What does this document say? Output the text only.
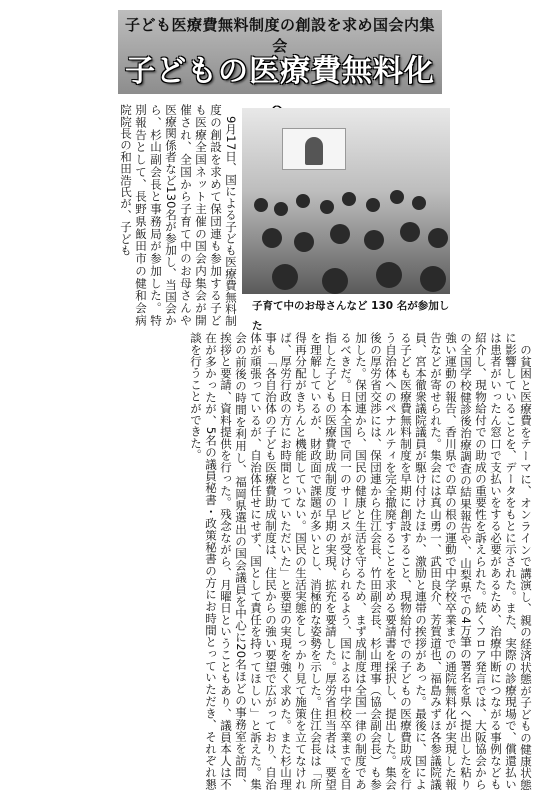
子ども医療費無料制度の創設を求め国会内集会
子どもの医療費無料化
子育て中のお母さんなど 130 名が参加した

9月17日、国による子ども医療費無料制度の創設を求めて保団連も参加する子ども医療全国ネット主催の国会内集会が開催され、全国から子育て中のお母さんや医療関係者など130名が参加し、当国会から、杉山副会長と事務局が参加した。特別報告として、長野県飯田市の健和会病院院長の和田浩氏が、子ども

の貧困と医療費をテーマに、オンラインで講演し、親の経済状態が子どもの健康状態に影響していることを、データをもとに示された。また、実際の診療現場で、償還払いは患者がいったん窓口で支払いをする必要があるため、治療中断につながる事例なども紹介し、現物給付での助成の重要性を訴えられた。続くフロア発言では、大阪協会からの全国学校健診後治療調査の結果報告や、山梨県での4万筆の署名を県へ提出した粘り強い運動の報告、香川県での草の根の運動で中学校卒業までの通院無料化が実現した報告などが寄せられた。集会には真山勇一、武田良介、芳賀道也、福島みずほ各参議院議員、宮本徹衆議院議員が駆け付けたほか、激励と連帯の挨拶があった。最後に、国による子ども医療費無料制度を早期に創設すること、現物給付での子どもの医療費助成を行う自治体へのペナルティを完全撤廃することを求める要請書を採択し、提出した。集会後の厚労省交渉には、保団連から住江会長、竹田副会長、杉山理事（協会副会長）も参加した。保団連から、国民の健康と生活を守るため、まず成制度は全国一律の制度であるべきだ。日本全国で同一のサービスが受けられるよう、国による中学校卒業までを目指した子どもの医療費助成制度の早期の実現、拡充を要請した。厚労省担当者は、要望を理解しているが、財政面で課題が多いとし、消極的な姿勢を示した。住江会長は「所得再分配がきちんと機能していない。国民の生活実態をしっかり見て施策を立てなければ、厚労行政の方にお時間とっていただいた」と要望の実現を強く求めた。また杉山理事も「各自治体の子ども医療費助成制度は、住民からの強い要望で広がっており、自治体が頑張っているが、自治体任せにせず、国として責任を持ってほしい」と訴えた。集会の前後の時間を利用し、福岡県選出の国会議員を中心に20名ほどの事務室を訪問、挨拶と要請、資料提供を行った。残念ながら、月曜日ということもあり、議員本人は不在が多かったが、5名の議員秘書・政策秘書の方にお時間とっていただき、それぞれ懇談を行うことができた。
